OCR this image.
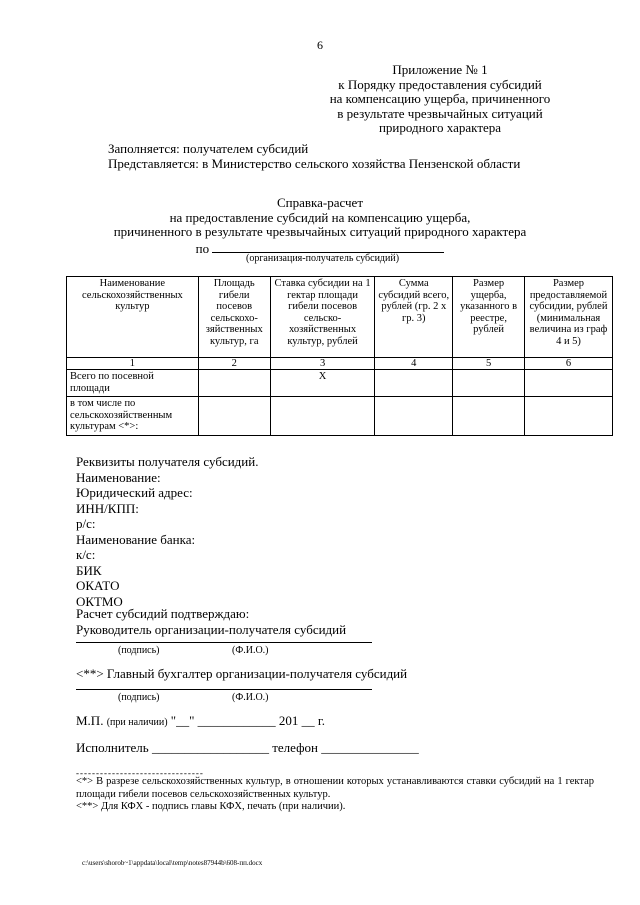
6
Приложение № 1
к Порядку предоставления субсидий
на компенсацию ущерба, причиненного
в результате чрезвычайных ситуаций
природного характера
Заполняется: получателем субсидий
Представляется: в Министерство сельского хозяйства Пензенской области
Справка-расчет
на предоставление субсидий на компенсацию ущерба,
причиненного в результате чрезвычайных ситуаций природного характера
по
(организация-получатель субсидий)
Наименование сельскохозяйственных культур	Площадь гибели посевов сельскохо-зяйственных культур, га	Ставка субсидии на 1 гектар площади гибели посевов сельско-хозяйственных культур, рублей	Сумма субсидий всего, рублей (гр. 2 х гр. 3)	Размер ущерба, указанного в реестре, рублей	Размер предоставляемой субсидии, рублей (минимальная величина из граф 4 и 5)
1	2	3	4	5	6
Всего по посевной площади		Х			
в том числе по сельскохозяйственным культурам <*>:					
Реквизиты получателя субсидий.
Наименование:
Юридический адрес:
ИНН/КПП:
р/с:
Наименование банка:
к/с:
БИК
ОКАТО
ОКТМО
Расчет субсидий подтверждаю:
Руководитель организации-получателя субсидий
(подпись)	(Ф.И.О.)
<**> Главный бухгалтер организации-получателя субсидий
(подпись)	(Ф.И.О.)
М.П. (при наличии) "__" ____________ 201 __ г.
Исполнитель __________________ телефон _______________
--------------------------------

<*> В разрезе сельскохозяйственных культур, в отношении которых устанавливаются ставки субсидий на 1 гектар площади гибели посевов сельскохозяйственных культур.

<**> Для КФХ - подпись главы КФХ, печать (при наличии).

c:\users\shorob~1\appdata\local\temp\notes87944b\608-пп.docx
